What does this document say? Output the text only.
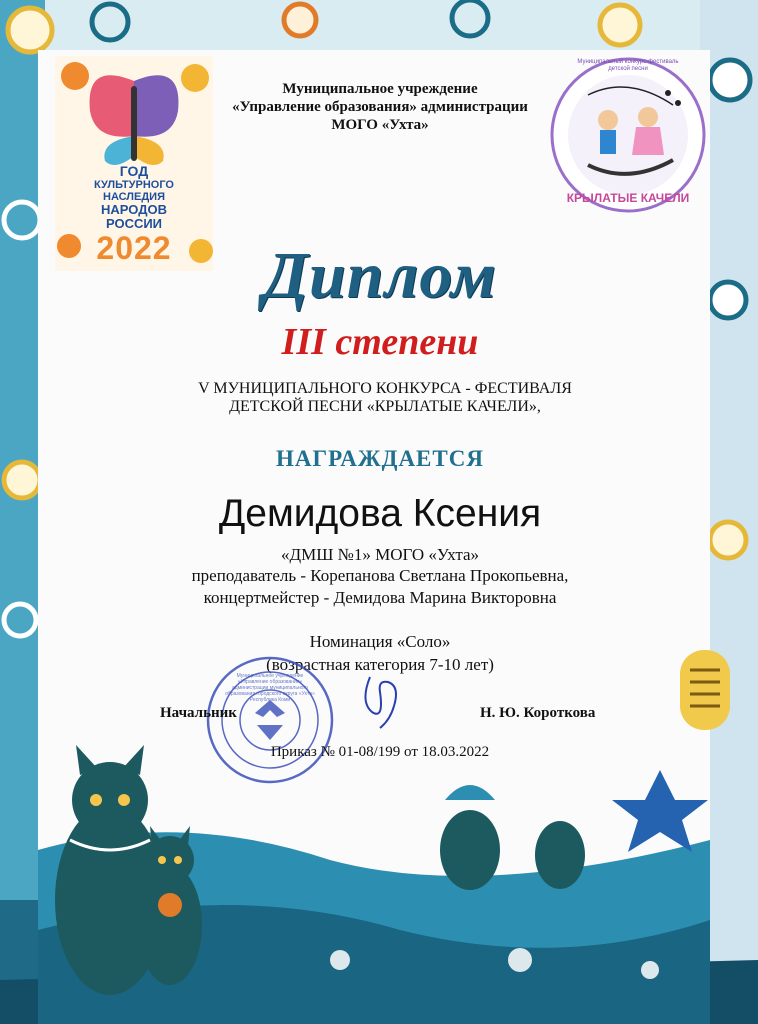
ГОД
КУЛЬТУРНОГО
НАСЛЕДИЯ
НАРОДОВ
РОССИИ
2022
Муниципальный конкурс-фестиваль детской песни
КРЫЛАТЫЕ КАЧЕЛИ
Муниципальное учреждение
«Управление образования» администрации
МОГО «Ухта»
Диплом
III степени
V МУНИЦИПАЛЬНОГО КОНКУРСА - ФЕСТИВАЛЯ
ДЕТСКОЙ ПЕСНИ «КРЫЛАТЫЕ КАЧЕЛИ»,
НАГРАЖДАЕТСЯ
Демидова Ксения
«ДМШ №1» МОГО «Ухта»
преподаватель - Корепанова Светлана Прокопьевна,
концертмейстер - Демидова Марина Викторовна
Номинация «Соло»
(возрастная категория 7-10 лет)
Муниципальное учреждение «Управление образования» администрации муниципального образования городского округа «Ухта» Республика Коми
Начальник	Н. Ю. Короткова
Приказ № 01-08/199 от 18.03.2022
